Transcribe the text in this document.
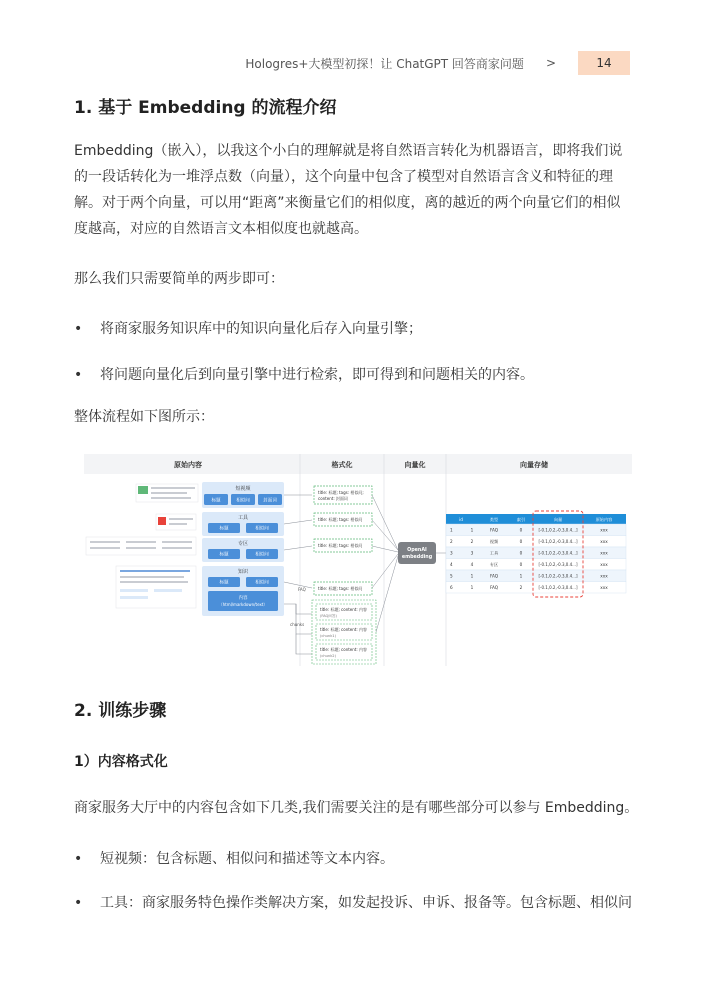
Hologres+大模型初探！让 ChatGPT 回答商家问题 >	14
1. 基于 Embedding 的流程介绍
Embedding（嵌入），以我这个小白的理解就是将自然语言转化为机器语言，即将我们说
的一段话转化为一堆浮点数（向量），这个向量中包含了模型对自然语言含义和特征的理
解。对于两个向量，可以用“距离”来衡量它们的相似度，离的越近的两个向量它们的相似
度越高，对应的自然语言文本相似度也就越高。
那么我们只需要简单的两步即可：
• 将商家服务知识库中的知识向量化后存入向量引擎；
• 将问题向量化后到向量引擎中进行检索，即可得到和问题相关的内容。
整体流程如下图所示：
原始内容	格式化	向量化	向量存储
短视频
标题	相似问	封面词
工具
标题	相似问
专区
标题	相似问
知识
标题	相似问
内容
（html/markdown/text）
FAQ
chunks
title: 标题; tags: 相似问;
content: 封面词
title: 标题; tags: 相似问
title: 标题; tags: 相似问
title: 标题; tags: 相似问
title: 标题; content: 内容
(FAQ问答)
title: 标题; content: 内容
(chunk1)
title: 标题; content: 内容
(chunk2)
OpenAI
embedding
id	类型	索引	向量	原始内容
1	1	FAQ	0	[-0.1,0.2,-0.3,0.4...]	xxx
2	2	视频	0	[-0.1,0.2,-0.3,0.4...]	xxx
3	3	工具	0	[-0.1,0.2,-0.3,0.4...]	xxx
4	4	专区	0	[-0.1,0.2,-0.3,0.4...]	xxx
5	1	FAQ	1	[-0.1,0.2,-0.3,0.4...]	xxx
6	1	FAQ	2	[-0.1,0.2,-0.3,0.4...]	xxx
2. 训练步骤
1）内容格式化
商家服务大厅中的内容包含如下几类,我们需要关注的是有哪些部分可以参与 Embedding。
• 短视频：包含标题、相似问和描述等文本内容。
• 工具：商家服务特色操作类解决方案，如发起投诉、申诉、报备等。包含标题、相似问
